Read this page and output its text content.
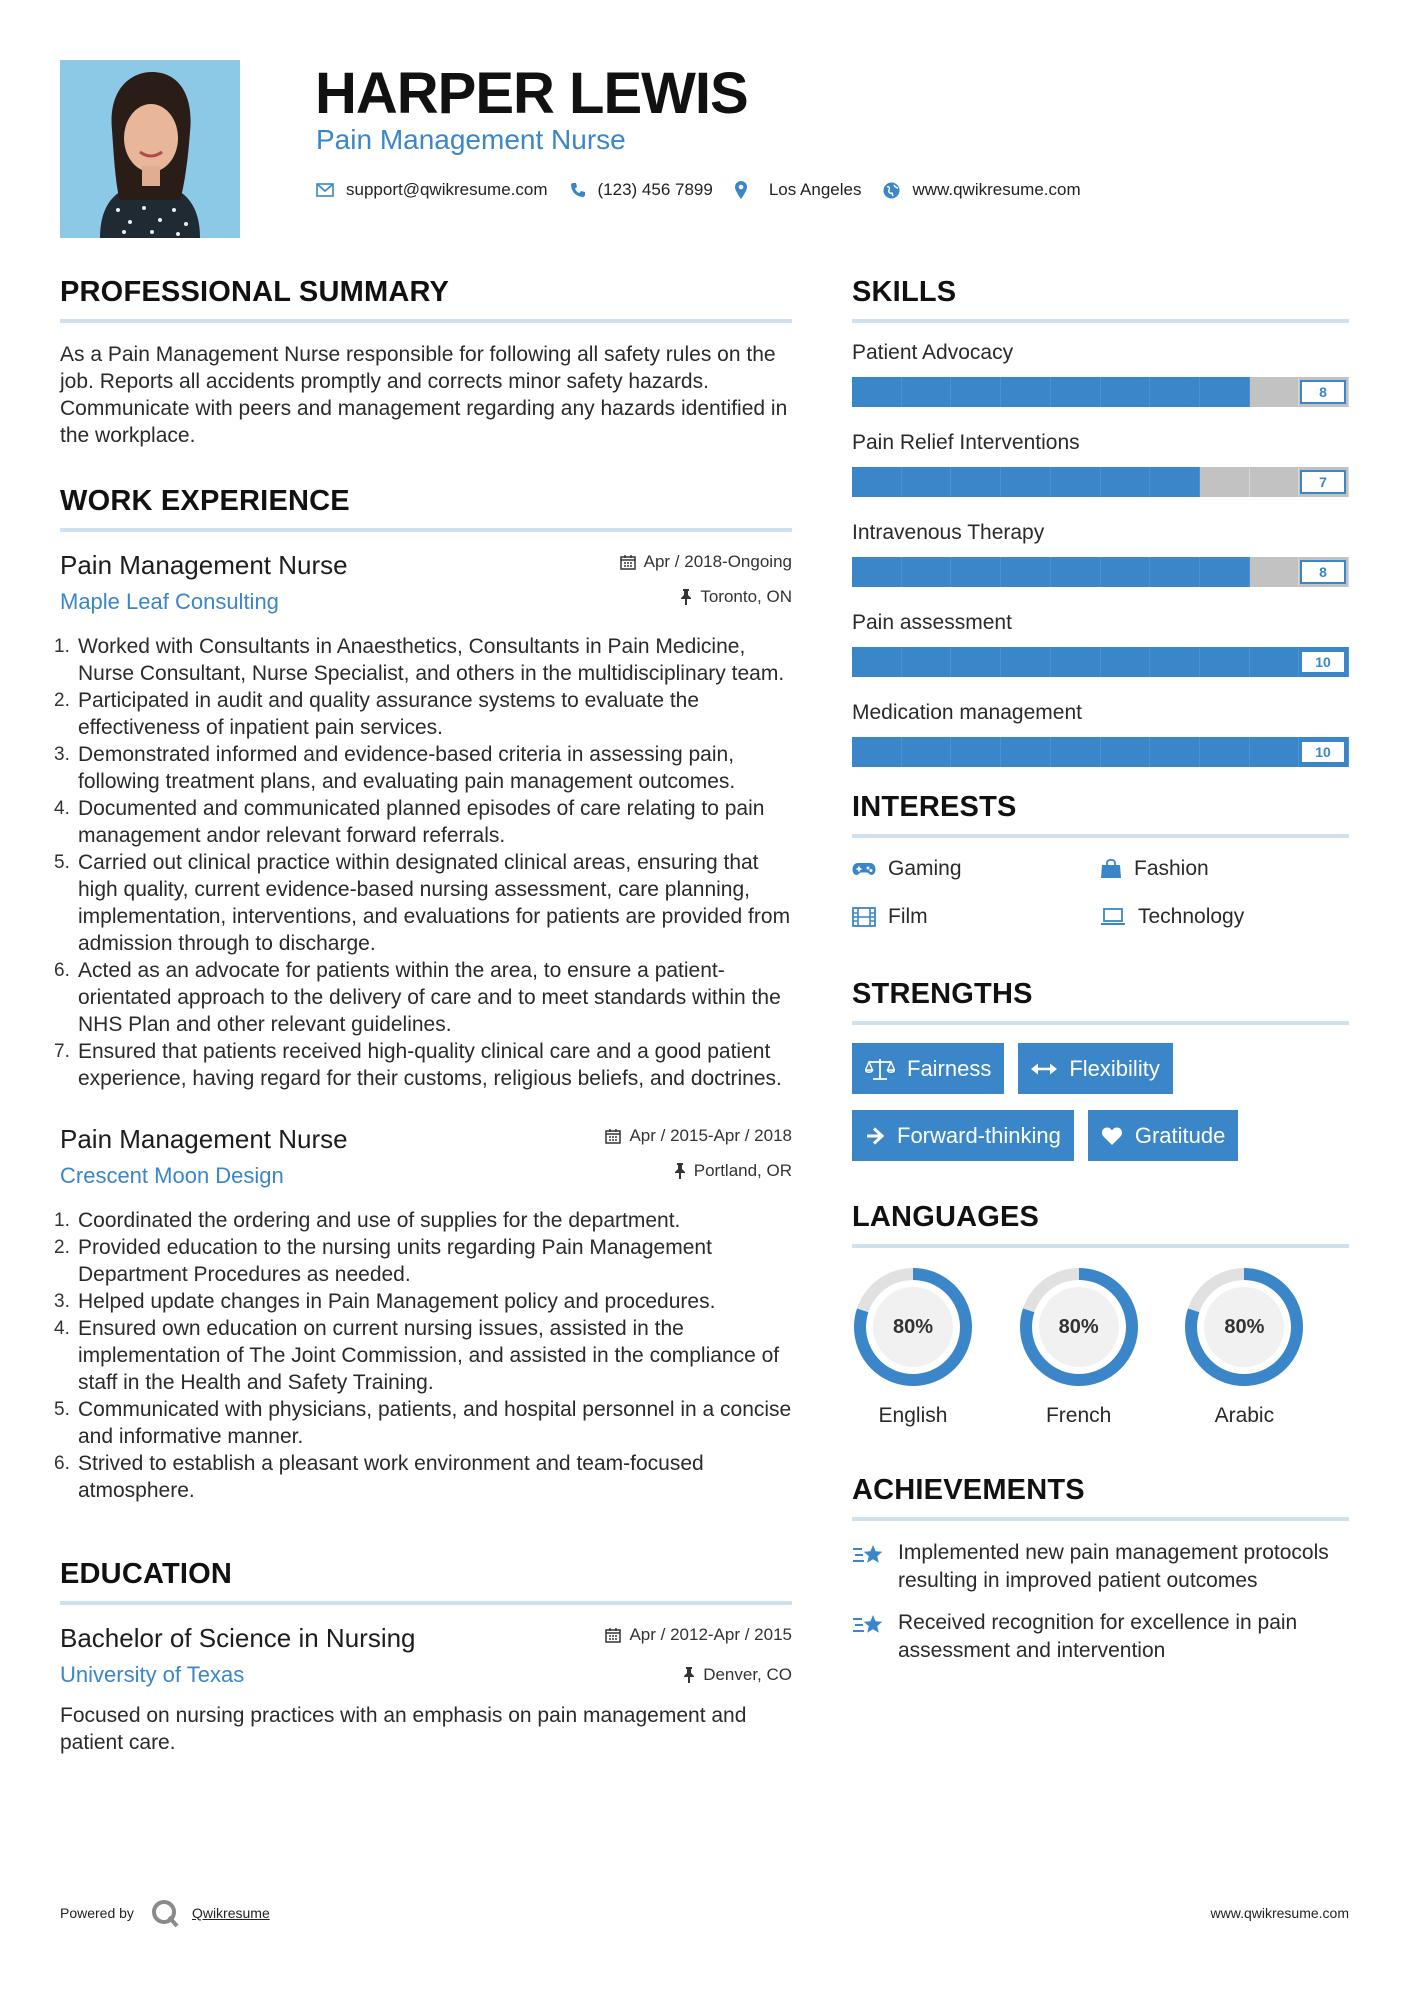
HARPER LEWIS
Pain Management Nurse
support@qwikresume.com	(123) 456 7899	Los Angeles	www.qwikresume.com
PROFESSIONAL SUMMARY

As a Pain Management Nurse responsible for following all safety rules on the job. Reports all accidents promptly and corrects minor safety hazards. Communicate with peers and management regarding any hazards identified in the workplace.

WORK EXPERIENCE
Pain Management Nurse
Maple Leaf Consulting
Apr / 2018-Ongoing
Toronto, ON
Worked with Consultants in Anaesthetics, Consultants in Pain Medicine, Nurse Consultant, Nurse Specialist, and others in the multidisciplinary team.
Participated in audit and quality assurance systems to evaluate the effectiveness of inpatient pain services.
Demonstrated informed and evidence-based criteria in assessing pain, following treatment plans, and evaluating pain management outcomes.
Documented and communicated planned episodes of care relating to pain management andor relevant forward referrals.
Carried out clinical practice within designated clinical areas, ensuring that high quality, current evidence-based nursing assessment, care planning, implementation, interventions, and evaluations for patients are provided from admission through to discharge.
Acted as an advocate for patients within the area, to ensure a patient-orientated approach to the delivery of care and to meet standards within the NHS Plan and other relevant guidelines.
Ensured that patients received high-quality clinical care and a good patient experience, having regard for their customs, religious beliefs, and doctrines.
Pain Management Nurse
Crescent Moon Design
Apr / 2015-Apr / 2018
Portland, OR
Coordinated the ordering and use of supplies for the department.
Provided education to the nursing units regarding Pain Management Department Procedures as needed.
Helped update changes in Pain Management policy and procedures.
Ensured own education on current nursing issues, assisted in the implementation of The Joint Commission, and assisted in the compliance of staff in the Health and Safety Training.
Communicated with physicians, patients, and hospital personnel in a concise and informative manner.
Strived to establish a pleasant work environment and team-focused atmosphere.
EDUCATION
Bachelor of Science in Nursing
University of Texas
Apr / 2012-Apr / 2015
Denver, CO

Focused on nursing practices with an emphasis on pain management and patient care.

SKILLS
Patient Advocacy
8
Pain Relief Interventions
7
Intravenous Therapy
8
Pain assessment
10
Medication management
10
INTERESTS
Gaming	Fashion
Film	Technology
STRENGTHS
Fairness	Flexibility
Forward-thinking	Gratitude
LANGUAGES
80%
English
80%
French
80%
Arabic
ACHIEVEMENTS
Implemented new pain management protocols resulting in improved patient outcomes
Received recognition for excellence in pain assessment and intervention
Powered by	Qwikresume	www.qwikresume.com
